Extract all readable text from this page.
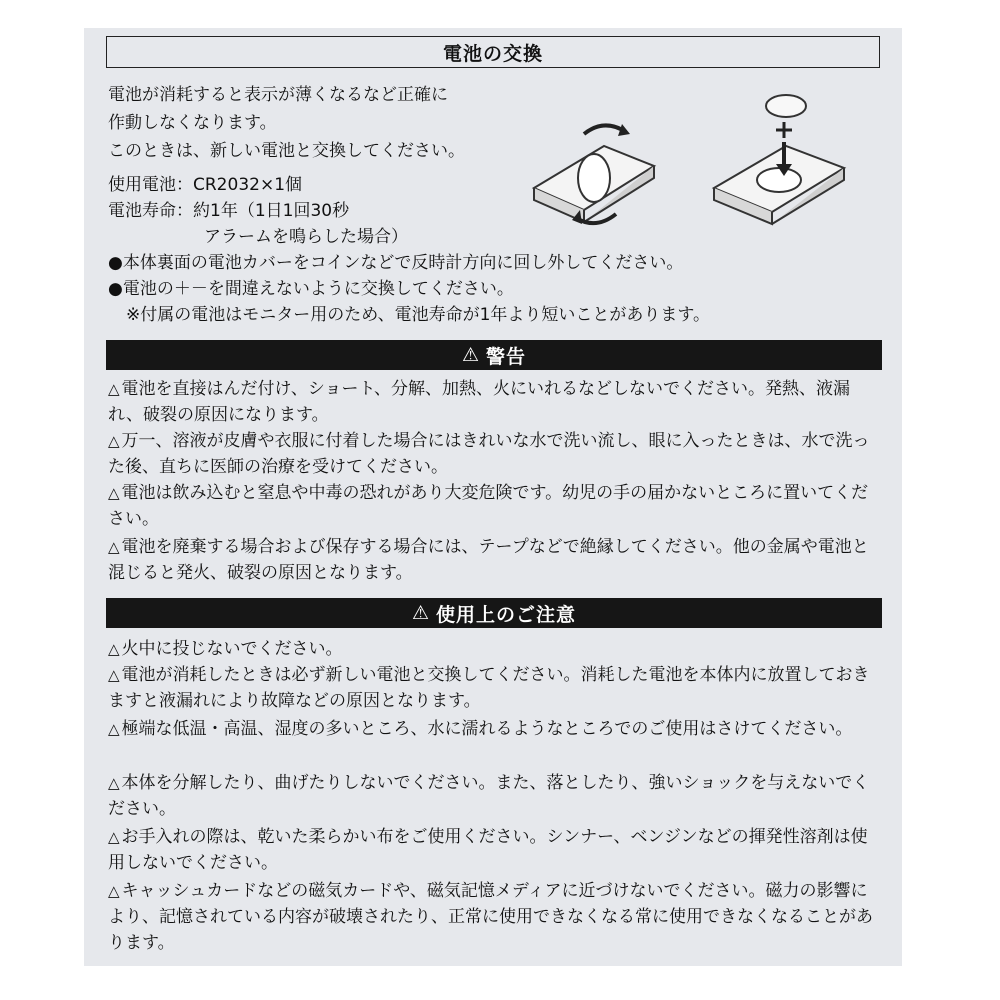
電池の交換
電池が消耗すると表示が薄くなるなど正確に
作動しなくなります。
このときは、新しい電池と交換してください。
使用電池：CR2032×1個
電池寿命：約1年（1日1回30秒
アラームを鳴らした場合）
●本体裏面の電池カバーをコインなどで反時計方向に回し外してください。
●電池の＋－を間違えないように交換してください。
※付属の電池はモニター用のため、電池寿命が1年より短いことがあります。
⚠ 警告
△ 電池を直接はんだ付け、ショート、分解、加熱、火にいれるなどしないでください。発熱、液漏れ、破裂の原因になります。
△ 万一、溶液が皮膚や衣服に付着した場合にはきれいな水で洗い流し、眼に入ったときは、水で洗った後、直ちに医師の治療を受けてください。
△ 電池は飲み込むと窒息や中毒の恐れがあり大変危険です。幼児の手の届かないところに置いてください。
△ 電池を廃棄する場合および保存する場合には、テープなどで絶縁してください。他の金属や電池と混じると発火、破裂の原因となります。
⚠ 使用上のご注意
△ 火中に投じないでください。
△ 電池が消耗したときは必ず新しい電池と交換してください。消耗した電池を本体内に放置しておきますと液漏れにより故障などの原因となります。
△ 極端な低温・高温、湿度の多いところ、水に濡れるようなところでのご使用はさけてください。
△ 本体を分解したり、曲げたりしないでください。また、落としたり、強いショックを与えないでください。
△ お手入れの際は、乾いた柔らかい布をご使用ください。シンナー、ベンジンなどの揮発性溶剤は使用しないでください。
△ キャッシュカードなどの磁気カードや、磁気記憶メディアに近づけないでください。磁力の影響により、記憶されている内容が破壊されたり、正常に使用できなくなる常に使用できなくなることがあります。
